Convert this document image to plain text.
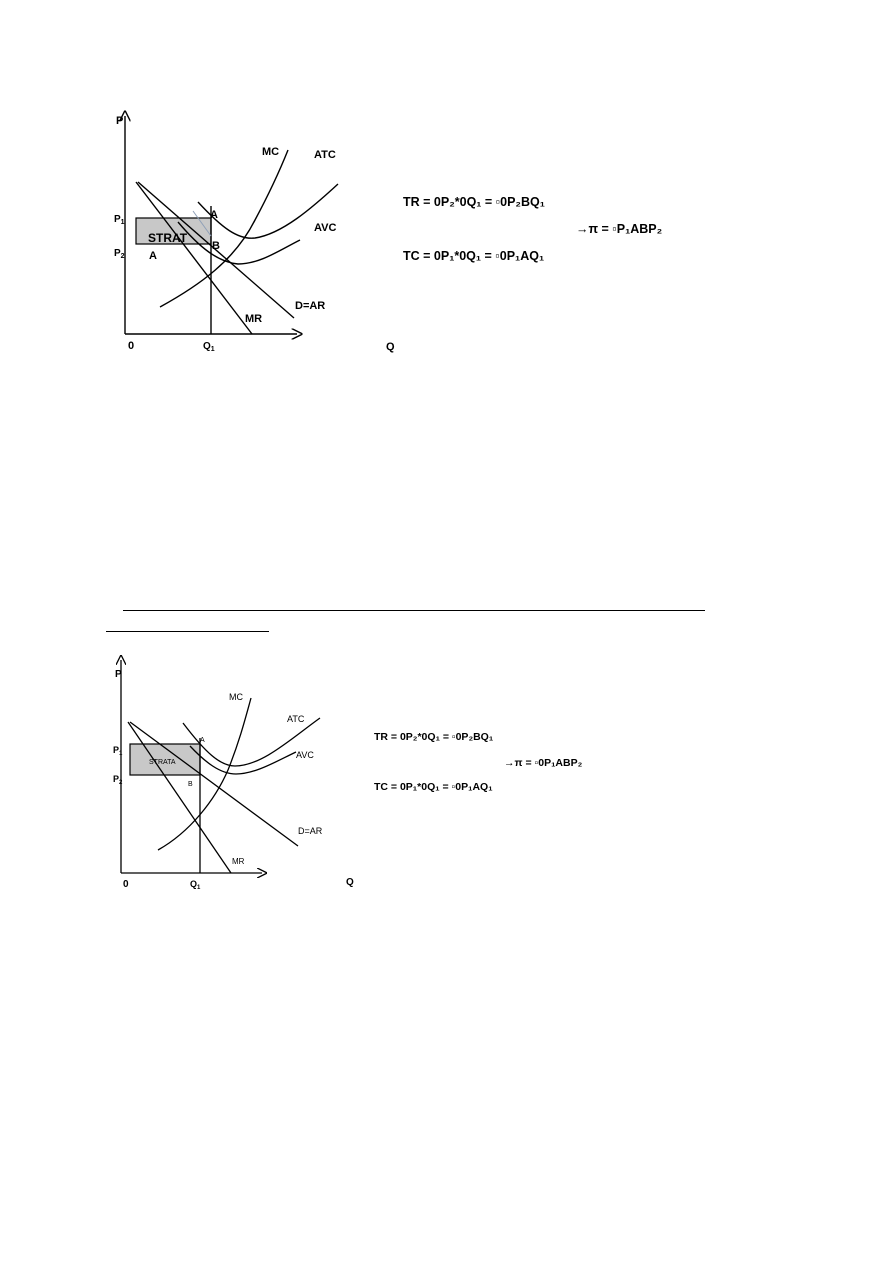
P
Q
0
$P_1$
$P_2$
$Q_1$
MC	ATC
AVC
D=AR
MR
A
B
STRAT
A
TR = 0P₂*0Q₁ = ▫0P₂BQ₁
→π = ▫P₁ABP₂
TC = 0P₁*0Q₁ = ▫0P₁AQ₁
P
Q
0
$P_1$
$P_2$
$Q_1$
MC
ATC
AVC
D=AR
MR
A
B
STRATA
TR = 0P₂*0Q₁ = ▫0P₂BQ₁
→π = ▫0P₁ABP₂
TC = 0P₁*0Q₁ = ▫0P₁AQ₁
